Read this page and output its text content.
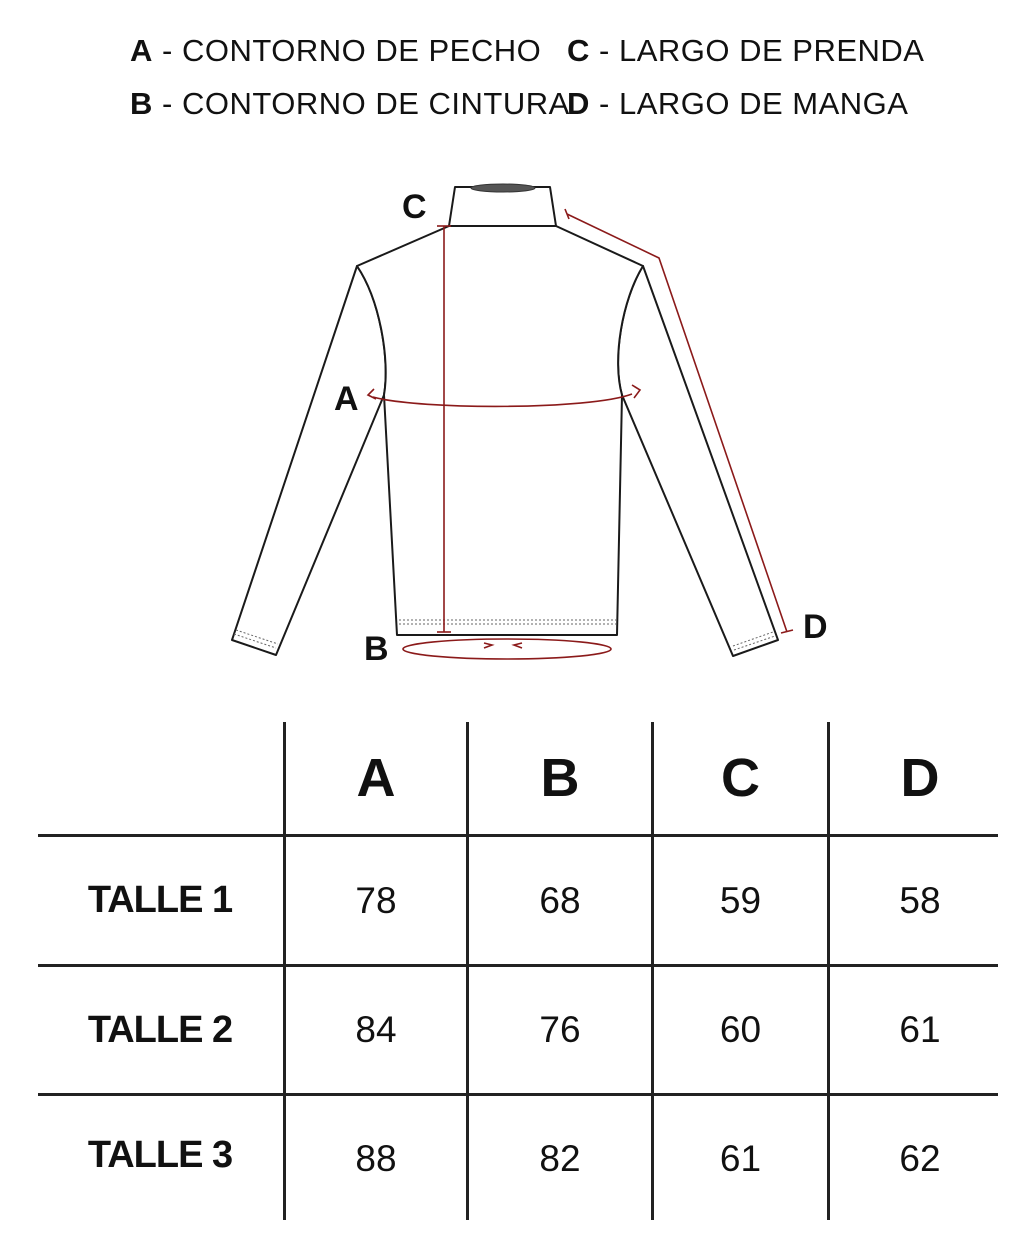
A - CONTORNO DE PECHO C - LARGO DE PRENDA
B - CONTORNO DE CINTURA
D - LARGO DE MANGA
C
A
B
D
A	B	C	D
TALLE 1	78	68	59	58
TALLE 2	84	76	60	61
TALLE 3	88	82	61	62
